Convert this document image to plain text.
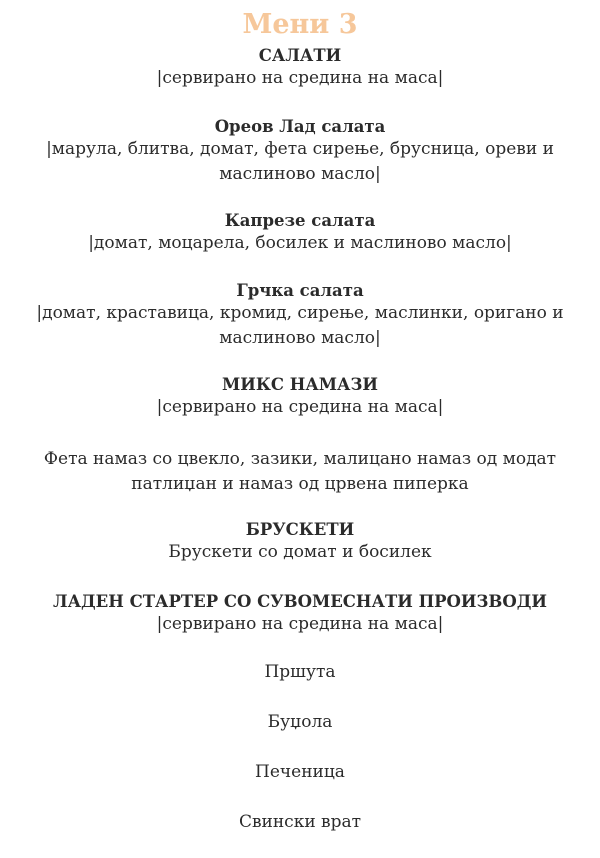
Мени 3
САЛАТИ
|сервирано на средина на маса|
Ореов Лад салата
|марула, блитва, домат, фета сирење, брусница, ореви и маслиново масло|
Капрезе салата
|домат, моцарела, босилек и маслиново масло|
Грчка салата
|домат, краставица, кромид, сирење, маслинки, оригано и маслиново масло|
МИКС НАМАЗИ
|сервирано на средина на маса|
Фета намаз со цвекло, зазики, малицано намаз од модат патлиџан и намаз од црвена пиперка
БРУСКЕТИ
Брускети со домат и босилек
ЛАДЕН СТАРТЕР СО СУВОМЕСНАТИ ПРОИЗВОДИ
|сервирано на средина на маса|
Пршута
Буџола
Печеница
Свински врат
